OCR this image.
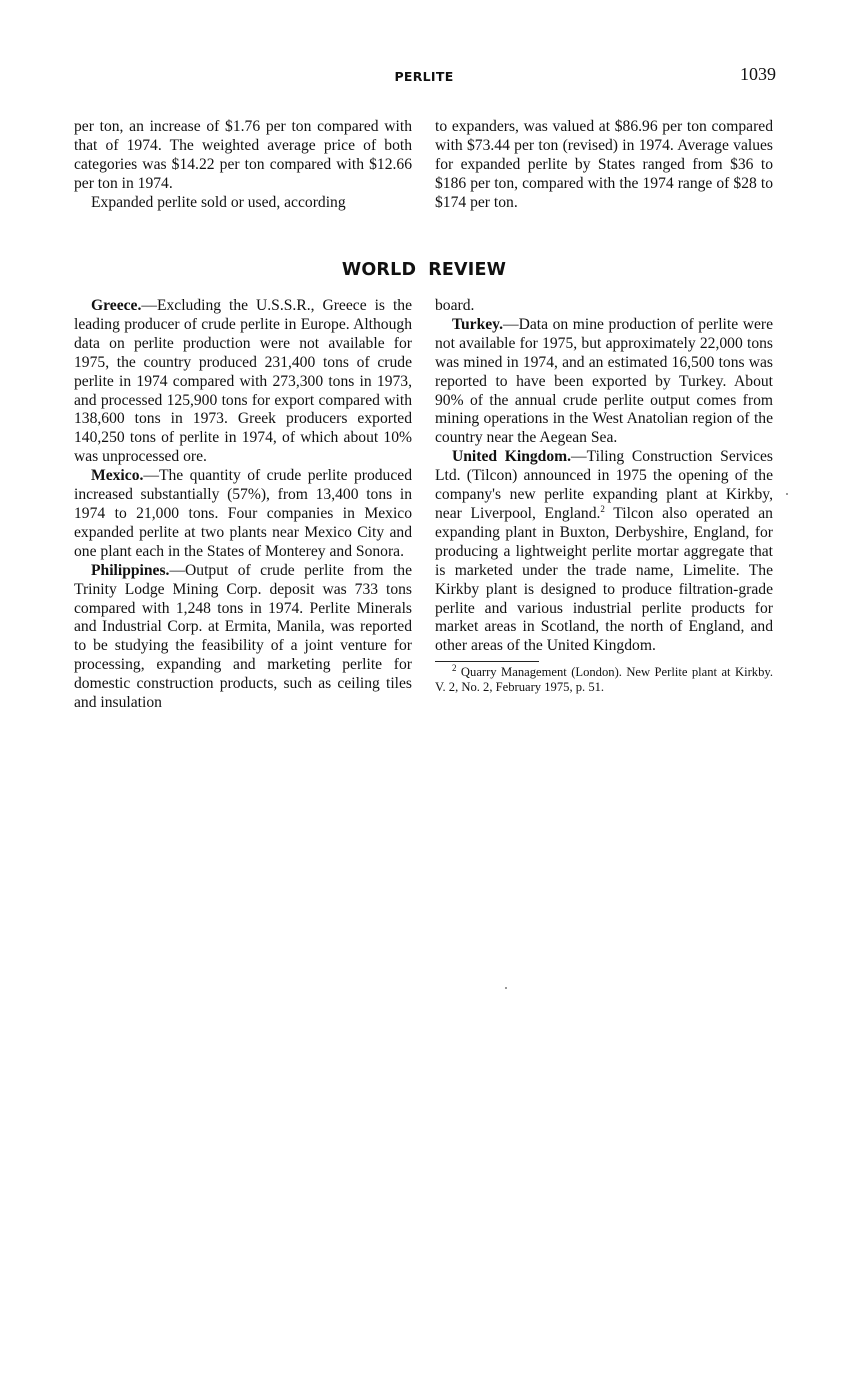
PERLITE	1039

per ton, an increase of $1.76 per ton compared with that of 1974. The weighted average price of both categories was $14.22 per ton compared with $12.66 per ton in 1974.

Expanded perlite sold or used, according

to expanders, was valued at $86.96 per ton compared with $73.44 per ton (revised) in 1974. Average values for expanded perlite by States ranged from $36 to $186 per ton, compared with the 1974 range of $28 to $174 per ton.

WORLD REVIEW

Greece.—Excluding the U.S.S.R., Greece is the leading producer of crude perlite in Europe. Although data on perlite production were not available for 1975, the country produced 231,400 tons of crude perlite in 1974 compared with 273,300 tons in 1973, and processed 125,900 tons for export compared with 138,600 tons in 1973. Greek producers exported 140,250 tons of perlite in 1974, of which about 10% was unprocessed ore.

Mexico.—The quantity of crude perlite produced increased substantially (57%), from 13,400 tons in 1974 to 21,000 tons. Four companies in Mexico expanded perlite at two plants near Mexico City and one plant each in the States of Monterey and Sonora.

Philippines.—Output of crude perlite from the Trinity Lodge Mining Corp. deposit was 733 tons compared with 1,248 tons in 1974. Perlite Minerals and Industrial Corp. at Ermita, Manila, was reported to be studying the feasibility of a joint venture for processing, expanding and marketing perlite for domestic construction products, such as ceiling tiles and insulation

board.

Turkey.—Data on mine production of perlite were not available for 1975, but approximately 22,000 tons was mined in 1974, and an estimated 16,500 tons was reported to have been exported by Turkey. About 90% of the annual crude perlite output comes from mining operations in the West Anatolian region of the country near the Aegean Sea.

United Kingdom.—Tiling Construction Services Ltd. (Tilcon) announced in 1975 the opening of the company's new perlite expanding plant at Kirkby, near Liverpool, England.$^2$ Tilcon also operated an expanding plant in Buxton, Derbyshire, England, for producing a lightweight perlite mortar aggregate that is marketed under the trade name, Limelite. The Kirkby plant is designed to produce filtration-grade perlite and various industrial perlite products for market areas in Scotland, the north of England, and other areas of the United Kingdom.

$^2$ Quarry Management (London). New Perlite plant at Kirkby. V. 2, No. 2, February 1975, p. 51.
